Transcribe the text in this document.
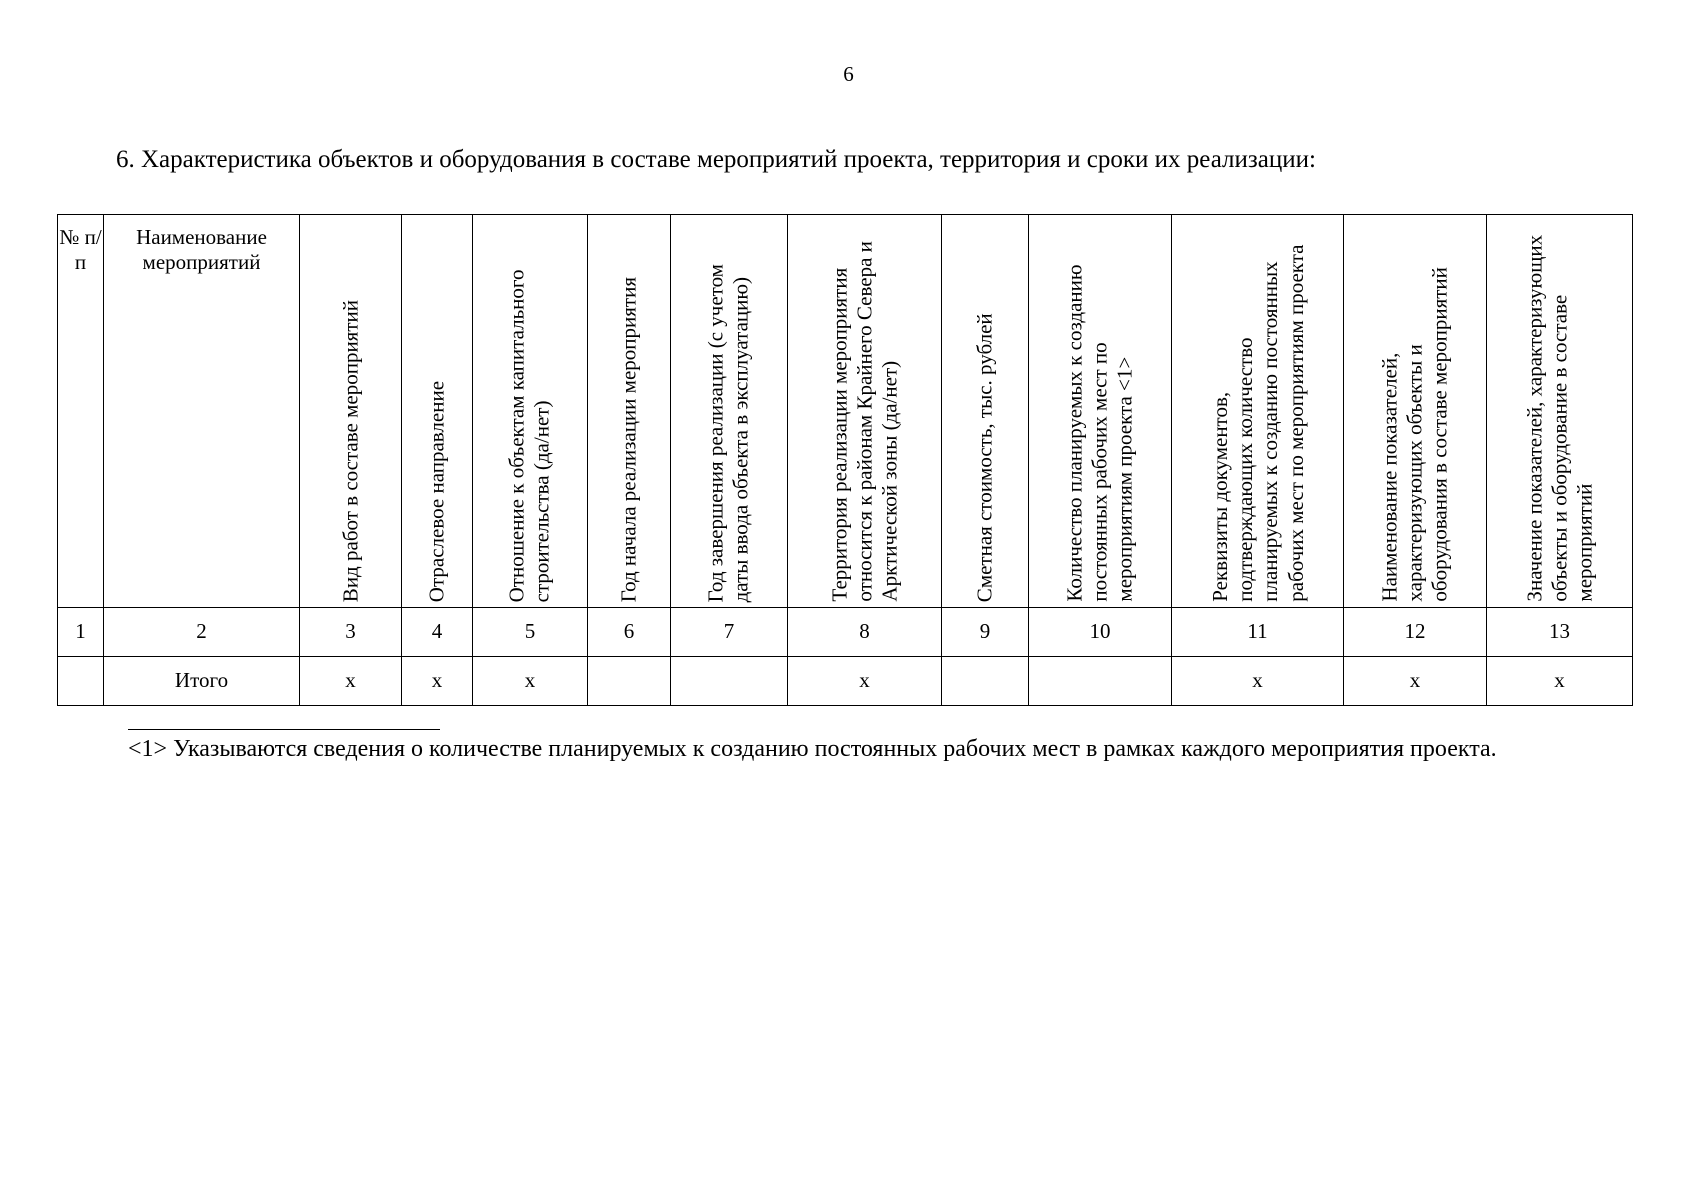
6
6. Характеристика объектов и оборудования в составе мероприятий проекта, территория и сроки их реализации:
№ п/п	Наименование мероприятий	Вид работ в составе мероприятий	Отраслевое направление	Отношение к объектам капитального строительства (да/нет)	Год начала реализации мероприятия	Год завершения реализации (с учетом даты ввода объекта в эксплуатацию)	Территория реализации мероприятия относится к районам Крайнего Севера и Арктической зоны (да/нет)	Сметная стоимость, тыс. рублей	Количество планируемых к созданию постоянных рабочих мест по мероприятиям проекта <1>	Реквизиты документов, подтверждающих количество планируемых к созданию постоянных рабочих мест по мероприятиям проекта	Наименование показателей, характеризующих объекты и оборудования в составе мероприятий	Значение показателей, характеризующих объекты и оборудование в составе мероприятий

1	2	3	4	5	6	7	8	9	10	11	12	13
	Итого	х	х	х			х			х	х	х
<1> Указываются сведения о количестве планируемых к созданию постоянных рабочих мест в рамках каждого мероприятия проекта.
